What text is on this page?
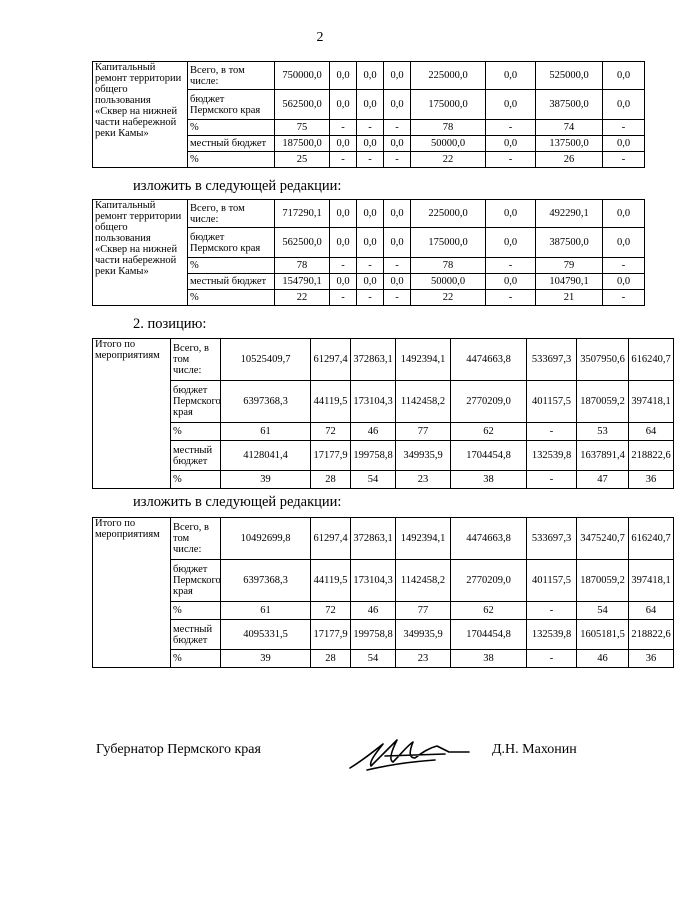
2
Капитальный ремонт территории общего пользования «Сквер на нижней части набережной реки Камы»	Всего, в том числе:	750000,0	0,0	0,0	0,0	225000,0	0,0	525000,0	0,0
	бюджет Пермского края	562500,0	0,0	0,0	0,0	175000,0	0,0	387500,0	0,0
	%	75	-	-	-	78	-	74	-
	местный бюджет	187500,0	0,0	0,0	0,0	50000,0	0,0	137500,0	0,0
	%	25	-	-	-	22	-	26	-
изложить в следующей редакции:
Капитальный ремонт территории общего пользования «Сквер на нижней части набережной реки Камы»	Всего, в том числе:	717290,1	0,0	0,0	0,0	225000,0	0,0	492290,1	0,0
	бюджет Пермского края	562500,0	0,0	0,0	0,0	175000,0	0,0	387500,0	0,0
	%	78	-	-	-	78	-	79	-
	местный бюджет	154790,1	0,0	0,0	0,0	50000,0	0,0	104790,1	0,0
	%	22	-	-	-	22	-	21	-
2. позицию:
Итого по мероприятиям	Всего, в том числе:	10525409,7	61297,4	372863,1	1492394,1	4474663,8	533697,3	3507950,6	616240,7
	бюджет Пермского края	6397368,3	44119,5	173104,3	1142458,2	2770209,0	401157,5	1870059,2	397418,1
	%	61	72	46	77	62	-	53	64
	местный бюджет	4128041,4	17177,9	199758,8	349935,9	1704454,8	132539,8	1637891,4	218822,6
	%	39	28	54	23	38	-	47	36
изложить в следующей редакции:
Итого по мероприятиям	Всего, в том числе:	10492699,8	61297,4	372863,1	1492394,1	4474663,8	533697,3	3475240,7	616240,7
	бюджет Пермского края	6397368,3	44119,5	173104,3	1142458,2	2770209,0	401157,5	1870059,2	397418,1
	%	61	72	46	77	62	-	54	64
	местный бюджет	4095331,5	17177,9	199758,8	349935,9	1704454,8	132539,8	1605181,5	218822,6
	%	39	28	54	23	38	-	46	36
Губернатор Пермского края	Д.Н. Махонин
